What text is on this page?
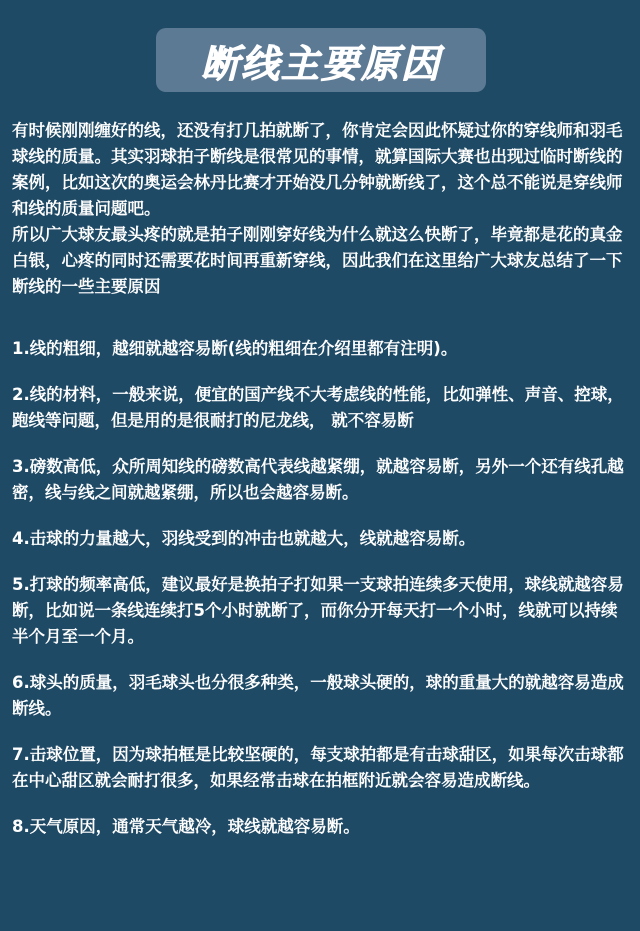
断线主要原因

有时候刚刚缠好的线，还没有打几拍就断了，你肯定会因此怀疑过你的穿线师和羽毛球线的质量。其实羽球拍子断线是很常见的事情，就算国际大赛也出现过临时断线的案例，比如这次的奥运会林丹比赛才开始没几分钟就断线了，这个总不能说是穿线师和线的质量问题吧。

所以广大球友最头疼的就是拍子刚刚穿好线为什么就这么快断了，毕竟都是花的真金白银，心疼的同时还需要花时间再重新穿线，因此我们在这里给广大球友总结了一下断线的一些主要原因

1.线的粗细，越细就越容易断(线的粗细在介绍里都有注明)。

2.线的材料，一般来说，便宜的国产线不大考虑线的性能，比如弹性、声音、控球，跑线等问题，但是用的是很耐打的尼龙线， 就不容易断

3.磅数高低，众所周知线的磅数高代表线越紧绷，就越容易断，另外一个还有线孔越密，线与线之间就越紧绷，所以也会越容易断。

4.击球的力量越大，羽线受到的冲击也就越大，线就越容易断。

5.打球的频率高低，建议最好是换拍子打如果一支球拍连续多天使用，球线就越容易断，比如说一条线连续打5个小时就断了，而你分开每天打一个小时，线就可以持续半个月至一个月。

6.球头的质量，羽毛球头也分很多种类，一般球头硬的，球的重量大的就越容易造成断线。

7.击球位置，因为球拍框是比较坚硬的，每支球拍都是有击球甜区，如果每次击球都在中心甜区就会耐打很多，如果经常击球在拍框附近就会容易造成断线。

8.天气原因，通常天气越冷，球线就越容易断。
